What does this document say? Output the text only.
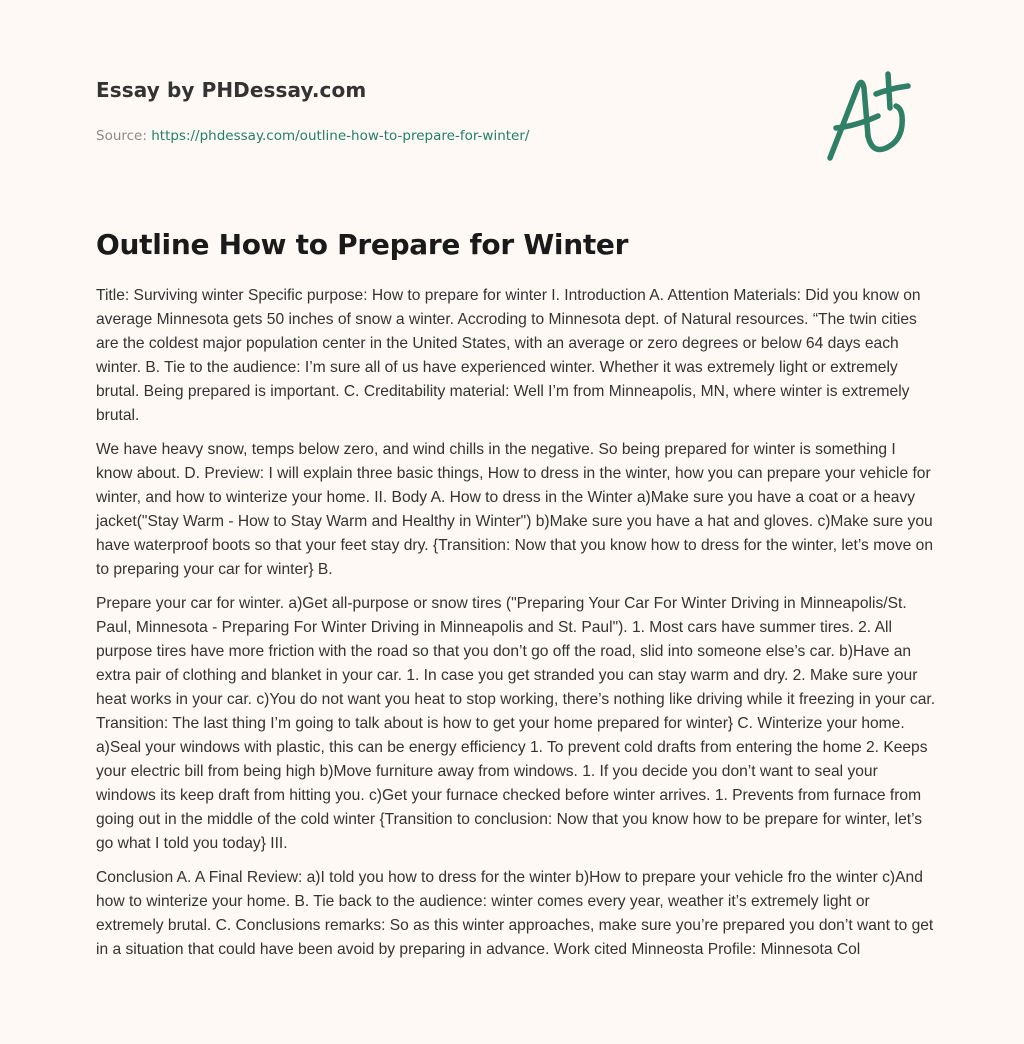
Essay by PHDessay.com
Source: https://phdessay.com/outline-how-to-prepare-for-winter/
Outline How to Prepare for Winter

Title: Surviving winter Specific purpose: How to prepare for winter I. Introduction A. Attention Materials: Did you know on average Minnesota gets 50 inches of snow a winter. Accroding to Minnesota dept. of Natural resources. “The twin cities are the coldest major population center in the United States, with an average or zero degrees or below 64 days each winter. B. Tie to the audience: I’m sure all of us have experienced winter. Whether it was extremely light or extremely brutal. Being prepared is important. C. Creditability material: Well I’m from Minneapolis, MN, where winter is extremely brutal.

We have heavy snow, temps below zero, and wind chills in the negative. So being prepared for winter is something I know about. D. Preview: I will explain three basic things, How to dress in the winter, how you can prepare your vehicle for winter, and how to winterize your home. II. Body A. How to dress in the Winter a)Make sure you have a coat or a heavy jacket("Stay Warm - How to Stay Warm and Healthy in Winter") b)Make sure you have a hat and gloves. c)Make sure you have waterproof boots so that your feet stay dry. {Transition: Now that you know how to dress for the winter, let’s move on to preparing your car for winter} B.

Prepare your car for winter. a)Get all-purpose or snow tires ("Preparing Your Car For Winter Driving in Minneapolis/St. Paul, Minnesota - Preparing For Winter Driving in Minneapolis and St. Paul"). 1. Most cars have summer tires. 2. All purpose tires have more friction with the road so that you don’t go off the road, slid into someone else’s car. b)Have an extra pair of clothing and blanket in your car. 1. In case you get stranded you can stay warm and dry. 2. Make sure your heat works in your car. c)You do not want you heat to stop working, there’s nothing like driving while it freezing in your car. Transition: The last thing I’m going to talk about is how to get your home prepared for winter} C. Winterize your home. a)Seal your windows with plastic, this can be energy efficiency 1. To prevent cold drafts from entering the home 2. Keeps your electric bill from being high b)Move furniture away from windows. 1. If you decide you don’t want to seal your windows its keep draft from hitting you. c)Get your furnace checked before winter arrives. 1. Prevents from furnace from going out in the middle of the cold winter {Transition to conclusion: Now that you know how to be prepare for winter, let’s go what I told you today} III.

Conclusion A. A Final Review: a)I told you how to dress for the winter b)How to prepare your vehicle fro the winter c)And how to winterize your home. B. Tie back to the audience: winter comes every year, weather it’s extremely light or extremely brutal. C. Conclusions remarks: So as this winter approaches, make sure you’re prepared you don’t want to get in a situation that could have been avoid by preparing in advance. Work cited Minneosta Profile: Minnesota Col
